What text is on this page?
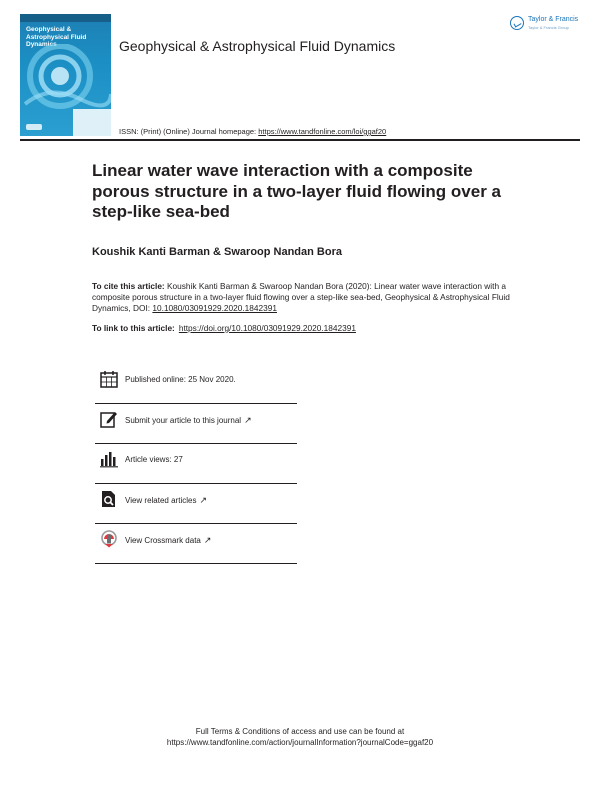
Geophysical & Astrophysical Fluid Dynamics	Geophysical & Astrophysical Fluid Dynamics
Taylor & Francis
Taylor & Francis Group
ISSN: (Print) (Online) Journal homepage: https://www.tandfonline.com/loi/ggaf20
Linear water wave interaction with a composite porous structure in a two-layer fluid flowing over a step-like sea-bed
Koushik Kanti Barman & Swaroop Nandan Bora
To cite this article: Koushik Kanti Barman & Swaroop Nandan Bora (2020): Linear water wave interaction with a composite porous structure in a two-layer fluid flowing over a step-like sea-bed, Geophysical & Astrophysical Fluid Dynamics, DOI: 10.1080/03091929.2020.1842391
To link to this article: https://doi.org/10.1080/03091929.2020.1842391
Published online: 25 Nov 2020.
Submit your article to this journal ↗
Article views: 27
View related articles ↗
View Crossmark data ↗
Full Terms & Conditions of access and use can be found at
https://www.tandfonline.com/action/journalInformation?journalCode=ggaf20
